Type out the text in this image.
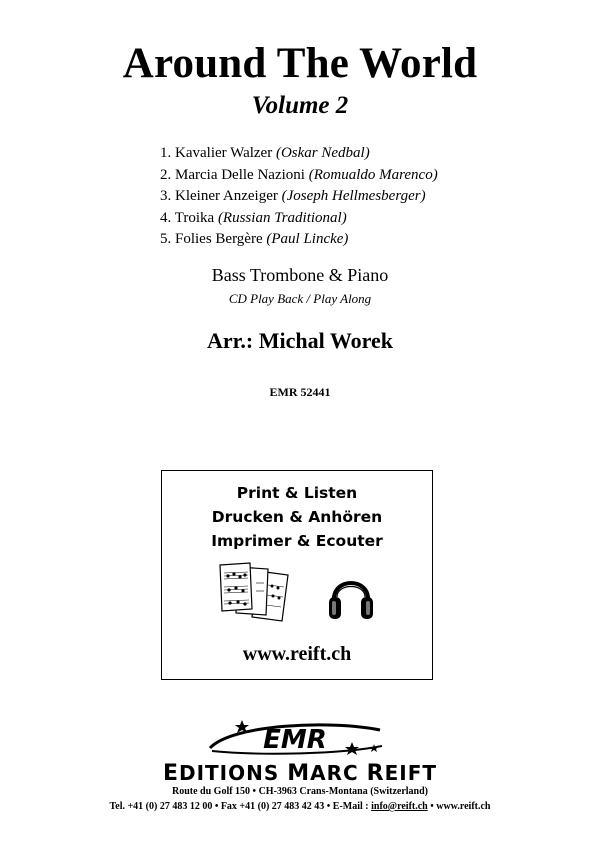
Around The World
Volume 2
1. Kavalier Walzer (Oskar Nedbal)
2. Marcia Delle Nazioni (Romualdo Marenco)
3. Kleiner Anzeiger (Joseph Hellmesberger)
4. Troika (Russian Traditional)
5. Folies Bergère (Paul Lincke)
Bass Trombone & Piano
CD Play Back / Play Along
Arr.: Michal Worek
EMR 52441
Print & Listen
Drucken & Anhören
Imprimer & Ecouter
www.reift.ch
EMR
EDITIONS MARC REIFT
Route du Golf 150 • CH-3963 Crans-Montana (Switzerland)
Tel. +41 (0) 27 483 12 00 • Fax +41 (0) 27 483 42 43 • E-Mail : info@reift.ch • www.reift.ch
